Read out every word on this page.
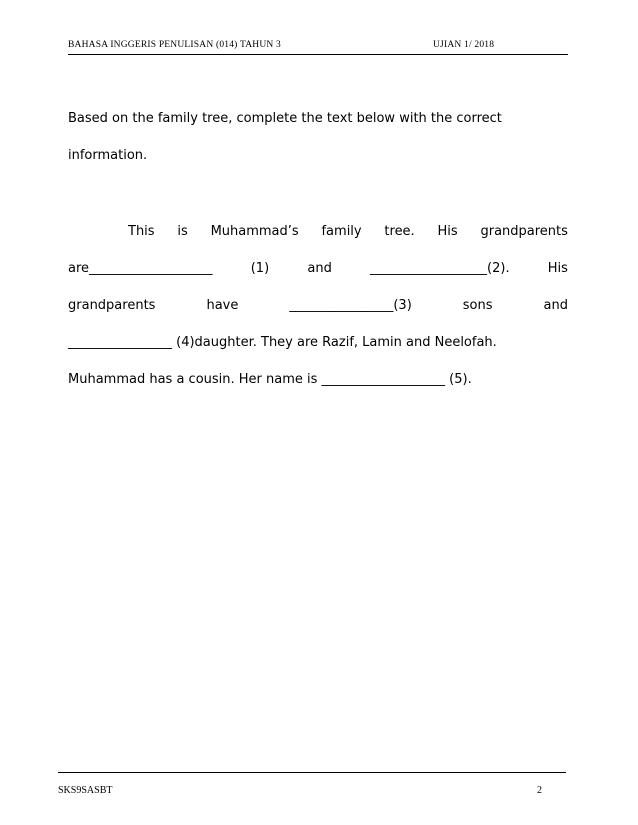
BAHASA INGGERIS PENULISAN (014) TAHUN 3	UJIAN 1/ 2018
Based on the family tree, complete the text below with the correct
information.
This is Muhammad’s family tree. His grandparents
are___________________	(1)	and	__________________(2).	His
grandparents	have	________________(3)	sons	and
________________ (4)daughter. They are Razif, Lamin and Neelofah.
Muhammad has a cousin. Her name is ___________________ (5).
SKS9SASBT	2
